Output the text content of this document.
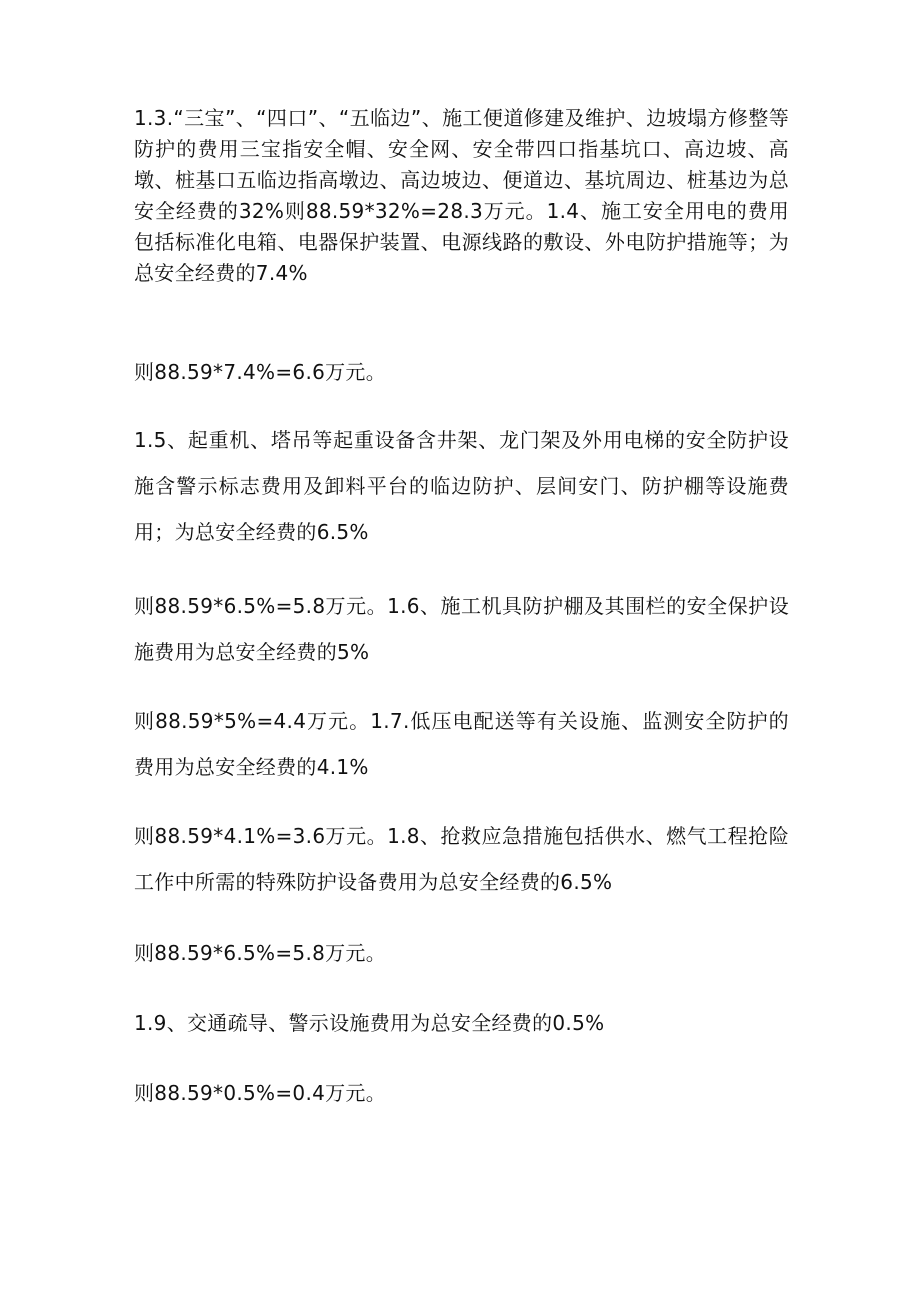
1.3.“三宝”、“四口”、“五临边”、施工便道修建及维护、边坡塌方修整等防护的费用三宝指安全帽、安全网、安全带四口指基坑口、高边坡、高墩、桩基口五临边指高墩边、高边坡边、便道边、基坑周边、桩基边为总安全经费的32%则88.59*32%=28.3万元。1.4、施工安全用电的费用包括标准化电箱、电器保护装置、电源线路的敷设、外电防护措施等；为总安全经费的7.4%

则88.59*7.4%=6.6万元。

1.5、起重机、塔吊等起重设备含井架、龙门架及外用电梯的安全防护设施含警示标志费用及卸料平台的临边防护、层间安门、防护棚等设施费用；为总安全经费的6.5%

则88.59*6.5%=5.8万元。1.6、施工机具防护棚及其围栏的安全保护设施费用为总安全经费的5%

则88.59*5%=4.4万元。1.7.低压电配送等有关设施、监测安全防护的费用为总安全经费的4.1%

则88.59*4.1%=3.6万元。1.8、抢救应急措施包括供水、燃气工程抢险工作中所需的特殊防护设备费用为总安全经费的6.5%

则88.59*6.5%=5.8万元。

1.9、交通疏导、警示设施费用为总安全经费的0.5%

则88.59*0.5%=0.4万元。
